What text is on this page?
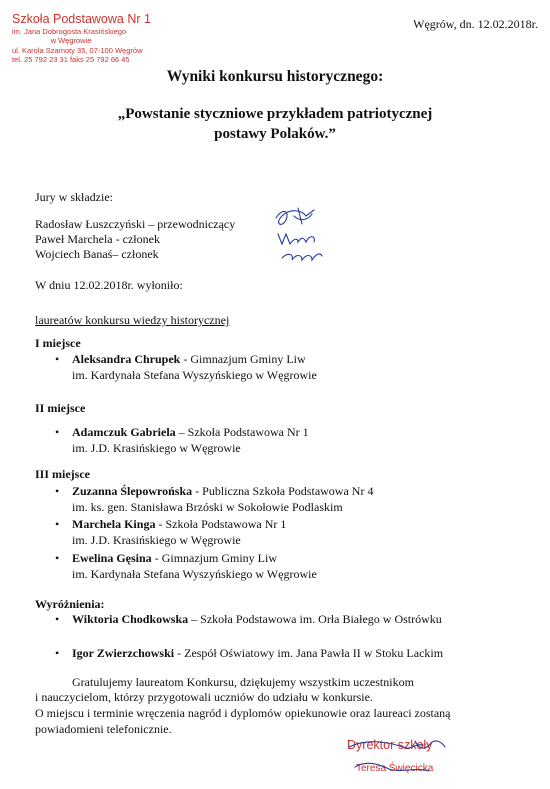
Szkoła Podstawowa Nr 1
im. Jana Dobrogosta Krasińskiego
w Węgrowie
ul. Karola Szamoty 35, 07-100 Węgrów
tel. 25 792 23 31 faks 25 792 66 45
Węgrów, dn. 12.02.2018r.
Wyniki konkursu historycznego:
„Powstanie styczniowe przykładem patriotycznej
postawy Polaków.”
Jury w składzie:
Radosław Łuszczyński – przewodniczący
Paweł Marchela - członek
Wojciech Banaś– członek
W dniu 12.02.2018r. wyłoniło:
laureatów konkursu wiedzy historycznej
I miejsce
• Aleksandra Chrupek - Gimnazjum Gminy Liw
im. Kardynała Stefana Wyszyńskiego w Węgrowie
II miejsce
• Adamczuk Gabriela – Szkoła Podstawowa Nr 1
im. J.D. Krasińskiego w Węgrowie
III miejsce
• Zuzanna Ślepowrońska - Publiczna Szkoła Podstawowa Nr 4
im. ks. gen. Stanisława Brzóski w Sokołowie Podlaskim
• Marchela Kinga - Szkoła Podstawowa Nr 1
im. J.D. Krasińskiego w Węgrowie
• Ewelina Gęsina - Gimnazjum Gminy Liw
im. Kardynała Stefana Wyszyńskiego w Węgrowie
Wyróżnienia:
• Wiktoria Chodkowska – Szkoła Podstawowa im. Orła Białego w Ostrówku
• Igor Zwierzchowski - Zespół Oświatowy im. Jana Pawła II w Stoku Lackim
Gratulujemy laureatom Konkursu, dziękujemy wszystkim uczestnikom
i nauczycielom, którzy przygotowali uczniów do udziału w konkursie.
O miejscu i terminie wręczenia nagród i dyplomów opiekunowie oraz laureaci zostaną
powiadomieni telefonicznie.
Dyrektor szkoły
Teresa Święcicka
